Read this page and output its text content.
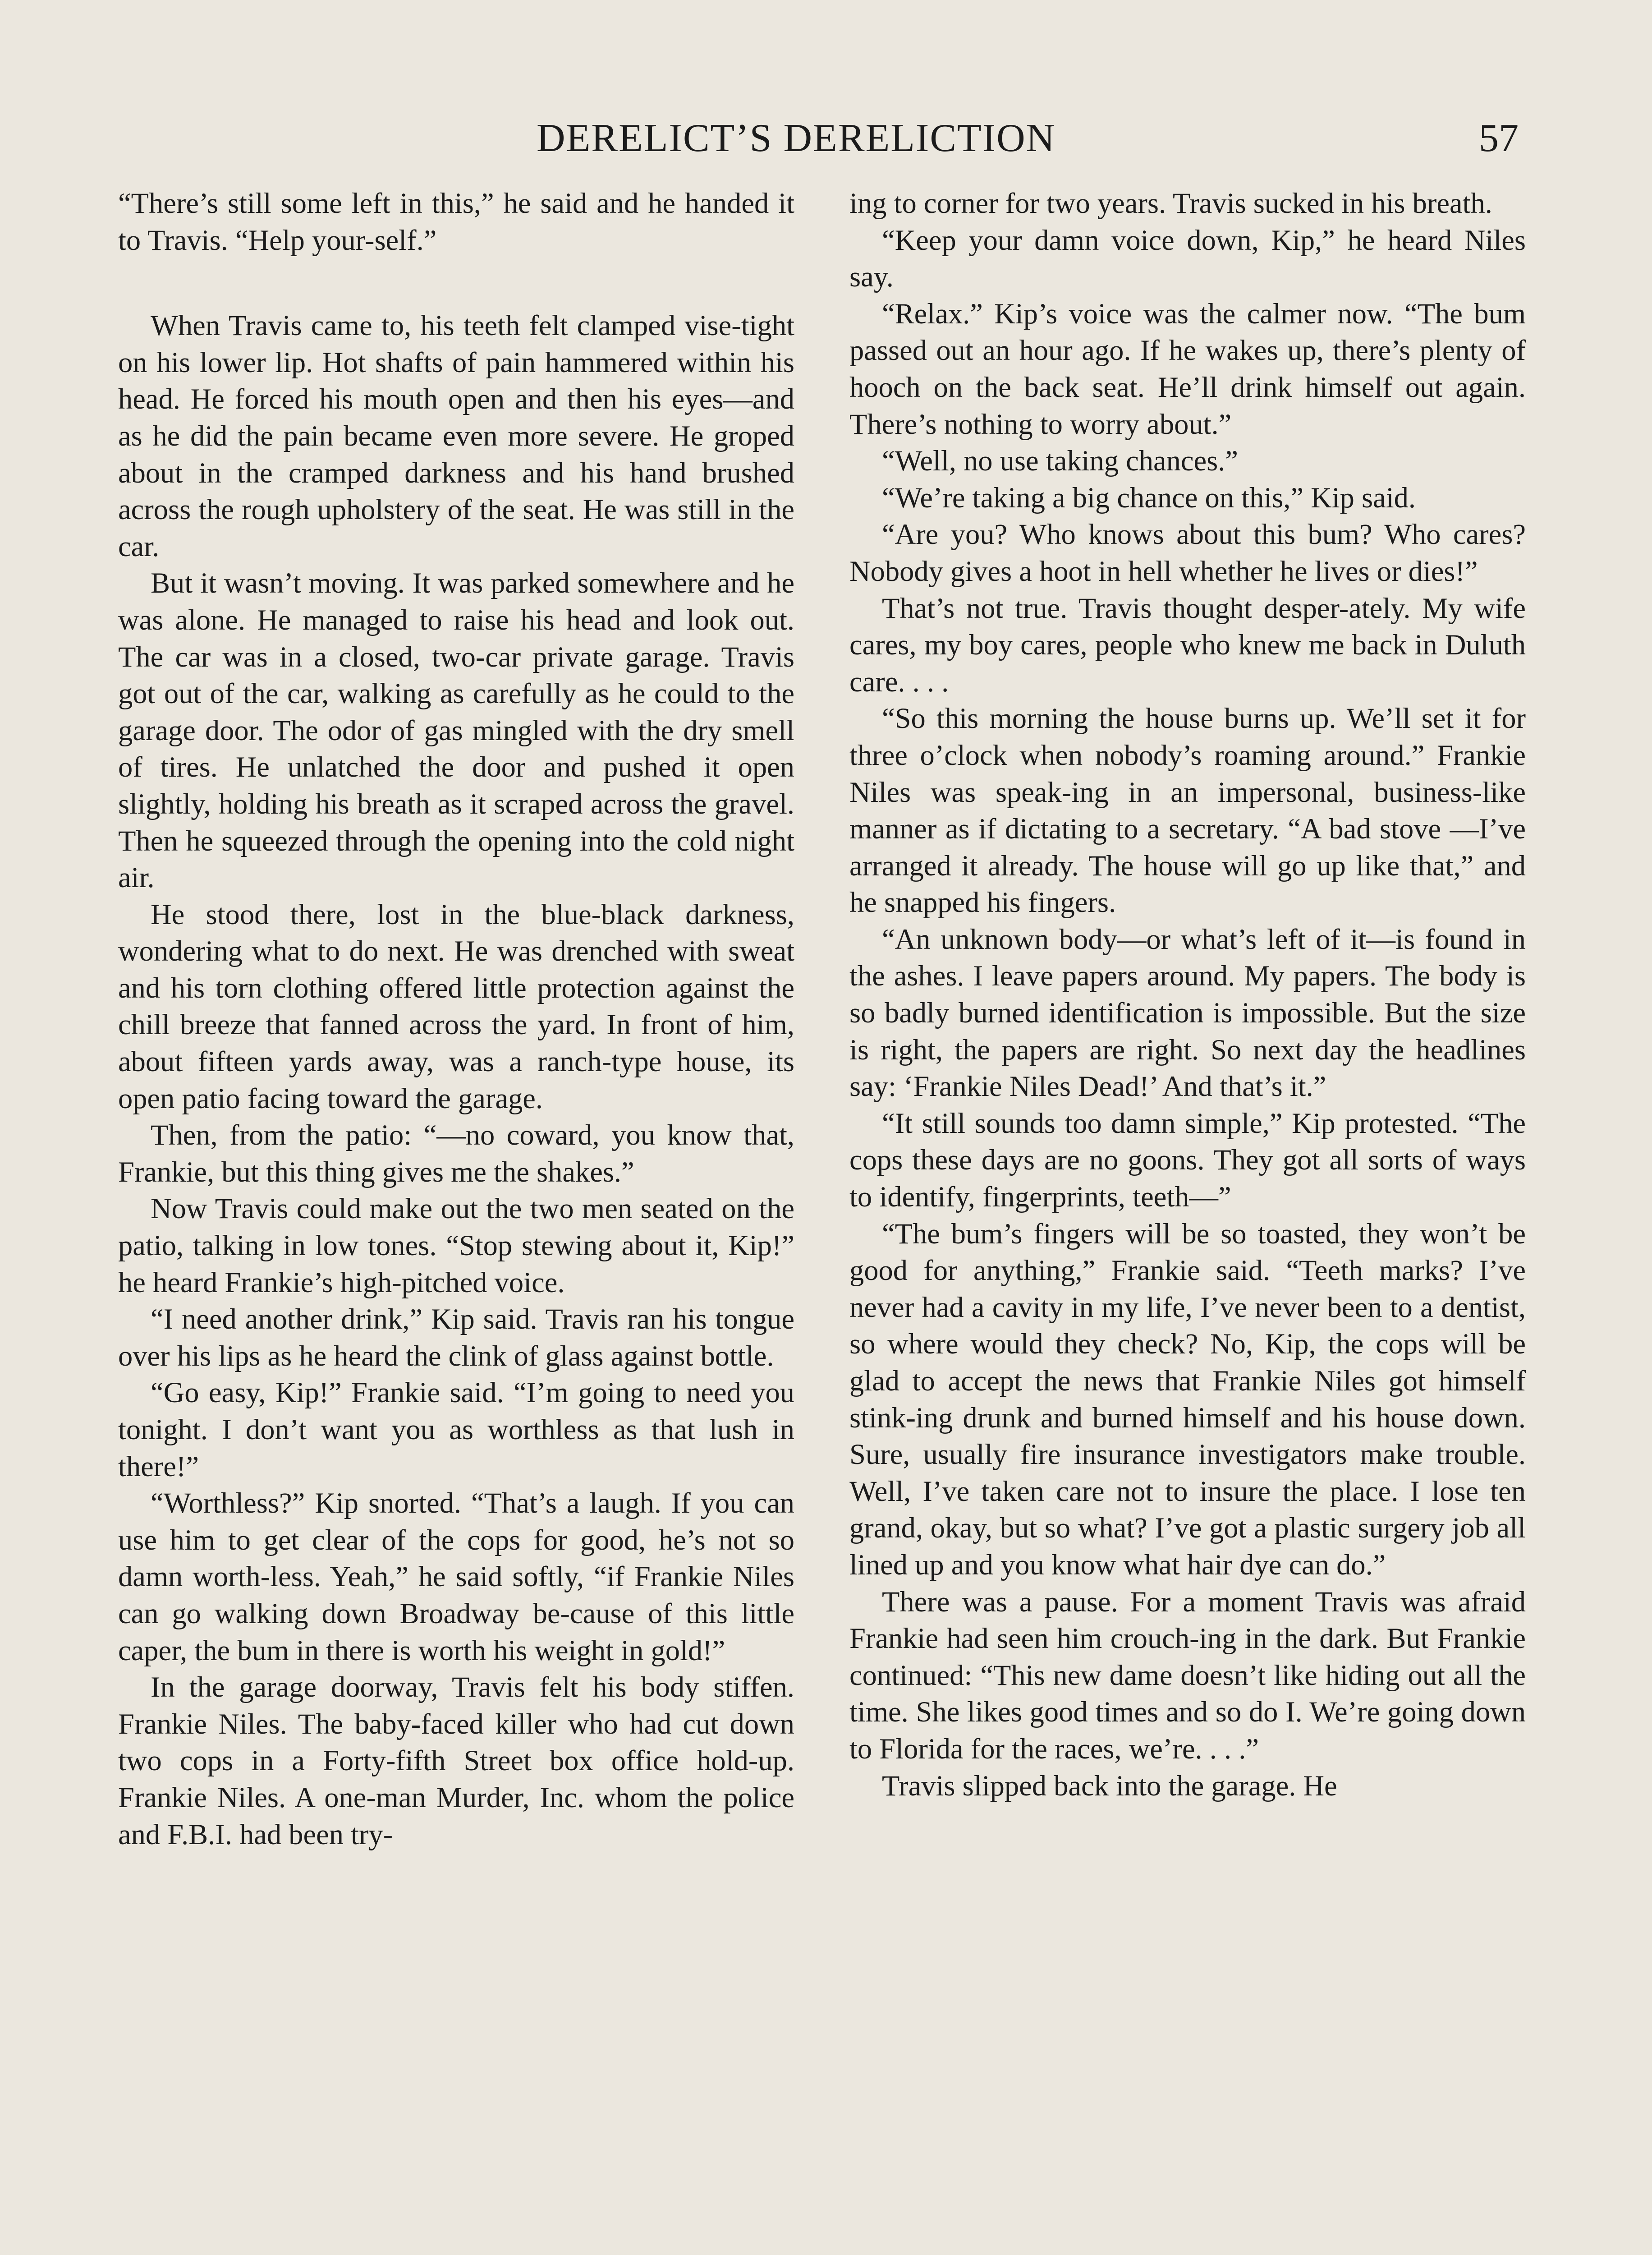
DERELICT’S DERELICTION	57

“There’s still some left in this,” he said and he handed it to Travis. “Help your-self.”

When Travis came to, his teeth felt clamped vise-tight on his lower lip. Hot shafts of pain hammered within his head. He forced his mouth open and then his eyes—and as he did the pain became even more severe. He groped about in the cramped darkness and his hand brushed across the rough upholstery of the seat. He was still in the car.

But it wasn’t moving. It was parked somewhere and he was alone. He managed to raise his head and look out. The car was in a closed, two-car private garage. Travis got out of the car, walking as carefully as he could to the garage door. The odor of gas mingled with the dry smell of tires. He unlatched the door and pushed it open slightly, holding his breath as it scraped across the gravel. Then he squeezed through the opening into the cold night air.

He stood there, lost in the blue-black darkness, wondering what to do next. He was drenched with sweat and his torn clothing offered little protection against the chill breeze that fanned across the yard. In front of him, about fifteen yards away, was a ranch-type house, its open patio facing toward the garage.

Then, from the patio: “—no coward, you know that, Frankie, but this thing gives me the shakes.”

Now Travis could make out the two men seated on the patio, talking in low tones. “Stop stewing about it, Kip!” he heard Frankie’s high-pitched voice.

“I need another drink,” Kip said. Travis ran his tongue over his lips as he heard the clink of glass against bottle.

“Go easy, Kip!” Frankie said. “I’m going to need you tonight. I don’t want you as worthless as that lush in there!”

“Worthless?” Kip snorted. “That’s a laugh. If you can use him to get clear of the cops for good, he’s not so damn worth-less. Yeah,” he said softly, “if Frankie Niles can go walking down Broadway be-cause of this little caper, the bum in there is worth his weight in gold!”

In the garage doorway, Travis felt his body stiffen. Frankie Niles. The baby-faced killer who had cut down two cops in a Forty-fifth Street box office hold-up. Frankie Niles. A one-man Murder, Inc. whom the police and F.B.I. had been try-

ing to corner for two years. Travis sucked in his breath.

“Keep your damn voice down, Kip,” he heard Niles say.

“Relax.” Kip’s voice was the calmer now. “The bum passed out an hour ago. If he wakes up, there’s plenty of hooch on the back seat. He’ll drink himself out again. There’s nothing to worry about.”

“Well, no use taking chances.”

“We’re taking a big chance on this,” Kip said.

“Are you? Who knows about this bum? Who cares? Nobody gives a hoot in hell whether he lives or dies!”

That’s not true. Travis thought desper-ately. My wife cares, my boy cares, people who knew me back in Duluth care. . . .

“So this morning the house burns up. We’ll set it for three o’clock when nobody’s roaming around.” Frankie Niles was speak-ing in an impersonal, business-like manner as if dictating to a secretary. “A bad stove —I’ve arranged it already. The house will go up like that,” and he snapped his fingers.

“An unknown body—or what’s left of it—is found in the ashes. I leave papers around. My papers. The body is so badly burned identification is impossible. But the size is right, the papers are right. So next day the headlines say: ‘Frankie Niles Dead!’ And that’s it.”

“It still sounds too damn simple,” Kip protested. “The cops these days are no goons. They got all sorts of ways to identify, fingerprints, teeth—”

“The bum’s fingers will be so toasted, they won’t be good for anything,” Frankie said. “Teeth marks? I’ve never had a cavity in my life, I’ve never been to a dentist, so where would they check? No, Kip, the cops will be glad to accept the news that Frankie Niles got himself stink-ing drunk and burned himself and his house down. Sure, usually fire insurance investigators make trouble. Well, I’ve taken care not to insure the place. I lose ten grand, okay, but so what? I’ve got a plastic surgery job all lined up and you know what hair dye can do.”

There was a pause. For a moment Travis was afraid Frankie had seen him crouch-ing in the dark. But Frankie continued: “This new dame doesn’t like hiding out all the time. She likes good times and so do I. We’re going down to Florida for the races, we’re. . . .”

Travis slipped back into the garage. He
